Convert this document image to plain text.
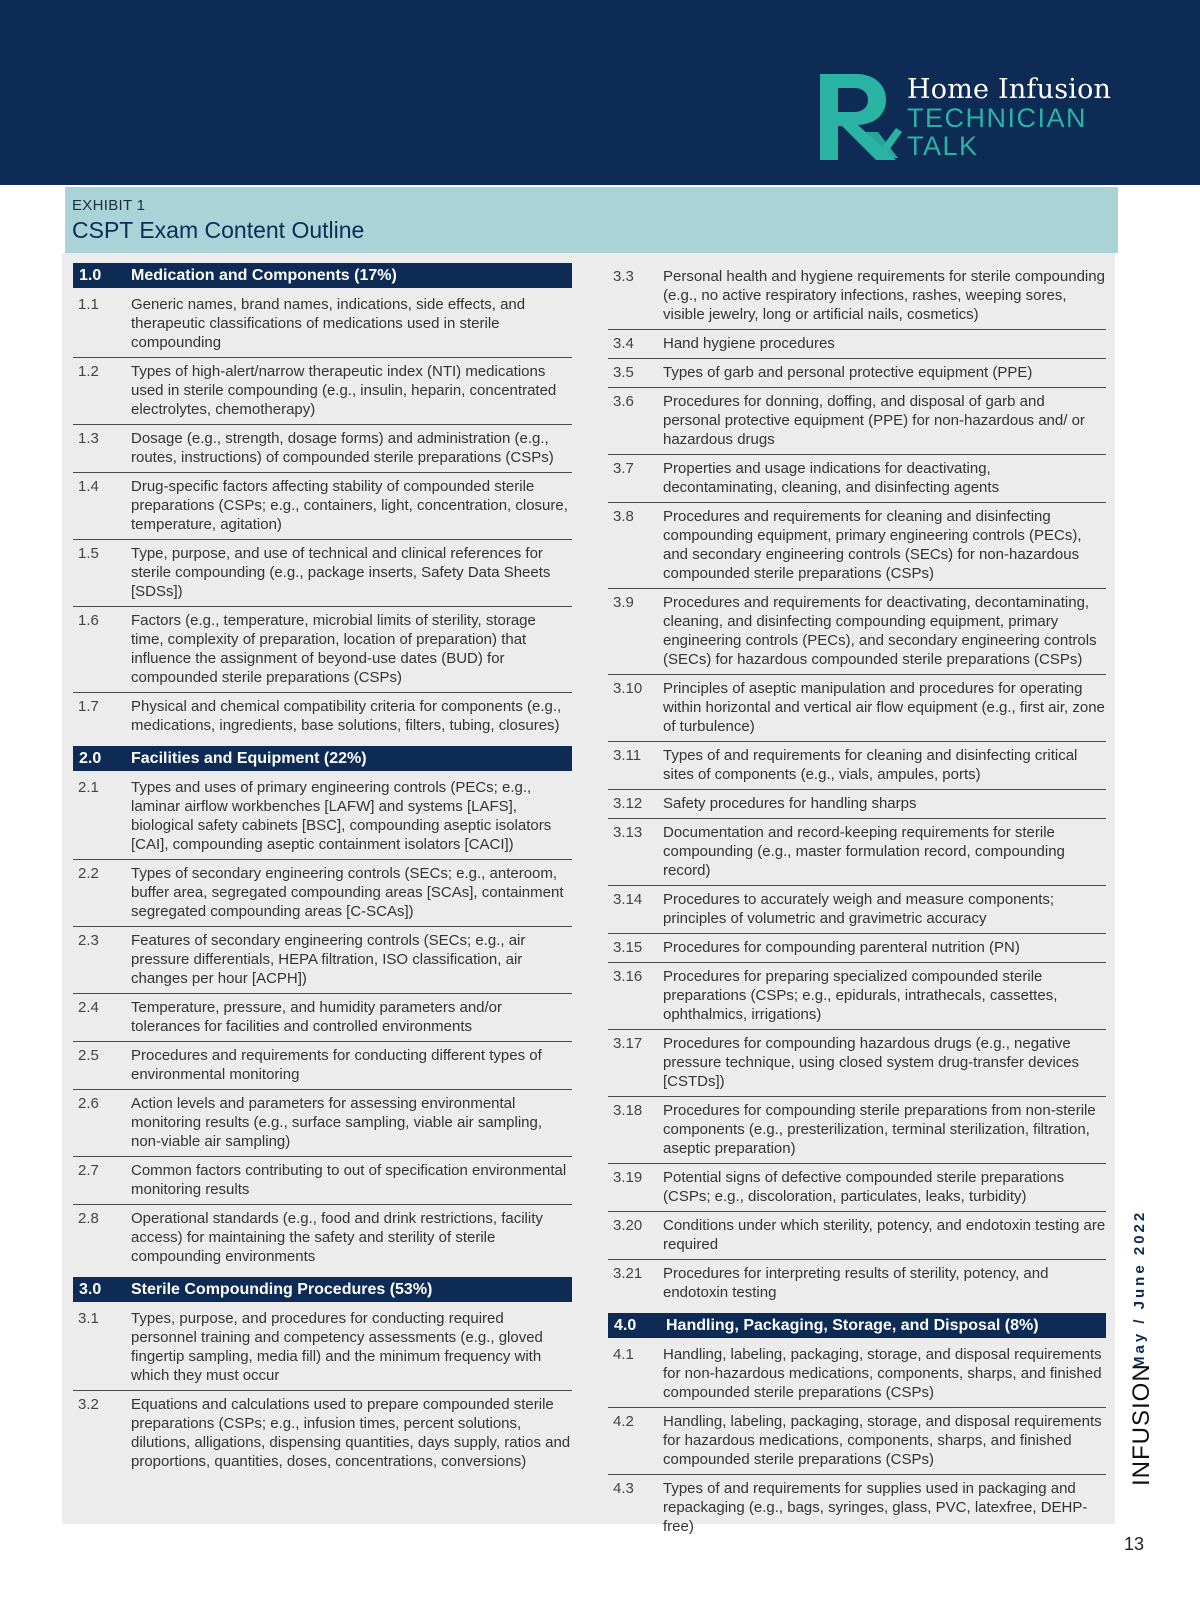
Home Infusion
TECHNICIAN
TALK
EXHIBIT 1
CSPT Exam Content Outline
1.0	Medication and Components (17%)
1.1	Generic names, brand names, indications, side effects, and therapeutic classifications of medications used in sterile compounding
1.2	Types of high-alert/narrow therapeutic index (NTI) medications used in sterile compounding (e.g., insulin, heparin, concentrated electrolytes, chemotherapy)
1.3	Dosage (e.g., strength, dosage forms) and administration (e.g., routes, instructions) of compounded sterile preparations (CSPs)
1.4	Drug-specific factors affecting stability of compounded sterile preparations (CSPs; e.g., containers, light, concentration, closure, temperature, agitation)
1.5	Type, purpose, and use of technical and clinical references for sterile compounding (e.g., package inserts, Safety Data Sheets [SDSs])
1.6	Factors (e.g., temperature, microbial limits of sterility, storage time, complexity of preparation, location of preparation) that influence the assignment of beyond-use dates (BUD) for compounded sterile preparations (CSPs)
1.7	Physical and chemical compatibility criteria for components (e.g., medications, ingredients, base solutions, filters, tubing, closures)
2.0	Facilities and Equipment (22%)
2.1	Types and uses of primary engineering controls (PECs; e.g., laminar airflow workbenches [LAFW] and systems [LAFS], biological safety cabinets [BSC], compounding aseptic isolators [CAI], compounding aseptic containment isolators [CACI])
2.2	Types of secondary engineering controls (SECs; e.g., anteroom, buffer area, segregated compounding areas [SCAs], containment segregated compounding areas [C-SCAs])
2.3	Features of secondary engineering controls (SECs; e.g., air pressure differentials, HEPA filtration, ISO classification, air changes per hour [ACPH])
2.4	Temperature, pressure, and humidity parameters and/or tolerances for facilities and controlled environments
2.5	Procedures and requirements for conducting different types of environmental monitoring
2.6	Action levels and parameters for assessing environmental monitoring results (e.g., surface sampling, viable air sampling, non-viable air sampling)
2.7	Common factors contributing to out of specification environmental monitoring results
2.8	Operational standards (e.g., food and drink restrictions, facility access) for maintaining the safety and sterility of sterile compounding environments
3.0	Sterile Compounding Procedures (53%)
3.1	Types, purpose, and procedures for conducting required personnel training and competency assessments (e.g., gloved fingertip sampling, media fill) and the minimum frequency with which they must occur
3.2	Equations and calculations used to prepare compounded sterile preparations (CSPs; e.g., infusion times, percent solutions, dilutions, alligations, dispensing quantities, days supply, ratios and proportions, quantities, doses, concentrations, conversions)
3.3	Personal health and hygiene requirements for sterile compounding (e.g., no active respiratory infections, rashes, weeping sores, visible jewelry, long or artificial nails, cosmetics)
3.4	Hand hygiene procedures
3.5	Types of garb and personal protective equipment (PPE)
3.6	Procedures for donning, doffing, and disposal of garb and personal protective equipment (PPE) for non-hazardous and/ or hazardous drugs
3.7	Properties and usage indications for deactivating, decontaminating, cleaning, and disinfecting agents
3.8	Procedures and requirements for cleaning and disinfecting compounding equipment, primary engineering controls (PECs), and secondary engineering controls (SECs) for non-hazardous compounded sterile preparations (CSPs)
3.9	Procedures and requirements for deactivating, decontaminating, cleaning, and disinfecting compounding equipment, primary engineering controls (PECs), and secondary engineering controls (SECs) for hazardous compounded sterile preparations (CSPs)
3.10	Principles of aseptic manipulation and procedures for operating within horizontal and vertical air flow equipment (e.g., first air, zone of turbulence)
3.11	Types of and requirements for cleaning and disinfecting critical sites of components (e.g., vials, ampules, ports)
3.12	Safety procedures for handling sharps
3.13	Documentation and record-keeping requirements for sterile compounding (e.g., master formulation record, compounding record)
3.14	Procedures to accurately weigh and measure components; principles of volumetric and gravimetric accuracy
3.15	Procedures for compounding parenteral nutrition (PN)
3.16	Procedures for preparing specialized compounded sterile preparations (CSPs; e.g., epidurals, intrathecals, cassettes, ophthalmics, irrigations)
3.17	Procedures for compounding hazardous drugs (e.g., negative pressure technique, using closed system drug-transfer devices [CSTDs])
3.18	Procedures for compounding sterile preparations from non-sterile components (e.g., presterilization, terminal sterilization, filtration, aseptic preparation)
3.19	Potential signs of defective compounded sterile preparations (CSPs; e.g., discoloration, particulates, leaks, turbidity)
3.20	Conditions under which sterility, potency, and endotoxin testing are required
3.21	Procedures for interpreting results of sterility, potency, and endotoxin testing
4.0	Handling, Packaging, Storage, and Disposal (8%)
4.1	Handling, labeling, packaging, storage, and disposal requirements for non-hazardous medications, components, sharps, and finished compounded sterile preparations (CSPs)
4.2	Handling, labeling, packaging, storage, and disposal requirements for hazardous medications, components, sharps, and finished compounded sterile preparations (CSPs)
4.3	Types of and requirements for supplies used in packaging and repackaging (e.g., bags, syringes, glass, PVC, latexfree, DEHP-free)
May / June 2022
INFUSION
13
